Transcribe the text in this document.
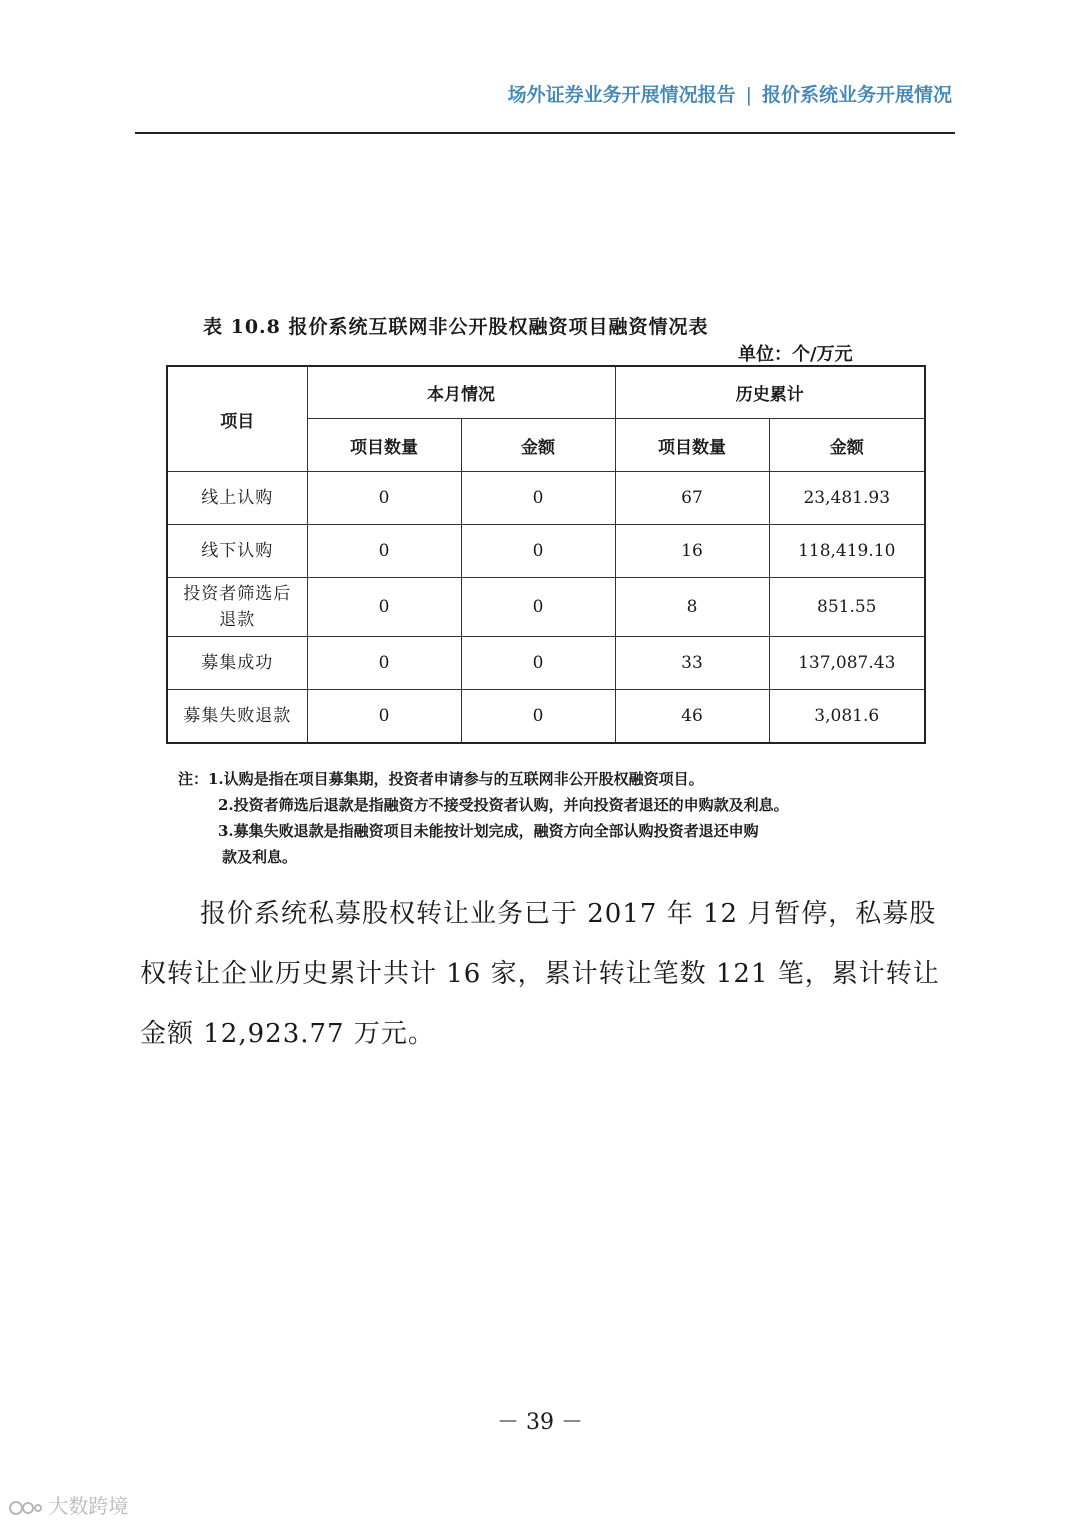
场外证券业务开展情况报告 | 报价系统业务开展情况
表 10.8 报价系统互联网非公开股权融资项目融资情况表
单位：个/万元
项目	本月情况		历史累计	
	项目数量	金额	项目数量	金额
线上认购	0	0	67	23,481.93
线下认购	0	0	16	118,419.10

投资者筛选后
退款	0	0	8	851.55
募集成功	0	0	33	137,087.43
募集失败退款	0	0	46	3,081.6
注：1.认购是指在项目募集期，投资者申请参与的互联网非公开股权融资项目。
2.投资者筛选后退款是指融资方不接受投资者认购，并向投资者退还的申购款及利息。
3.募集失败退款是指融资项目未能按计划完成，融资方向全部认购投资者退还申购
款及利息。
报价系统私募股权转让业务已于 2017 年 12 月暂停，私募股
权转让企业历史累计共计 16 家，累计转让笔数 121 笔，累计转让
金额 12,923.77 万元。
－ 39 －
大数跨境
